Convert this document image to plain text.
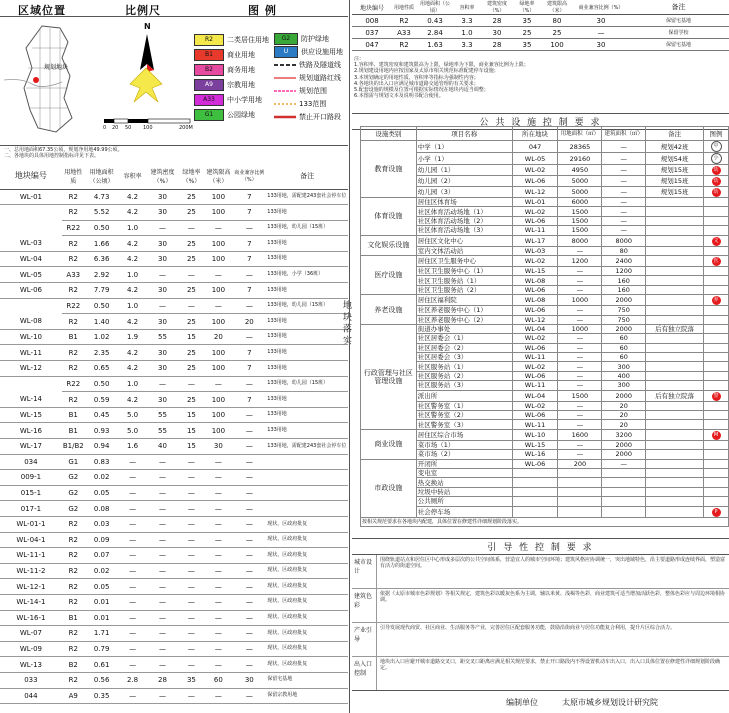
区域位置	比例尺	图 例
规划地块
N
0 20 50 100	200M
R2	二类居住用地
B1	商业用地
B2	商务用地
A9	宗教用地
A33	中小学用地
G1	公园绿地
G2	防护绿地
U	供应设施用地
铁路及隧道线
规划道路红线
规划范围
133范围
禁止开口路段
一、总用地面积67.35公顷，规划净用地49.99公顷。
二、各地块的具体用地控制指标详见下表。
地块编号	用地性质	用地面积（公顷）	容积率	建筑密度（%）	绿地率（%）	建筑限高（米）	商业兼容比例（%）	备注
WL-01	R2	4.73	4.2	30	25	100	7	133用地，需配建243套社会停车位
	R2	5.52	4.2	30	25	100	7	133用地
	R22	0.50	1.0	—	—	—	—	133用地，幼儿园（15班）
WL-03	R2	1.66	4.2	30	25	100	7	133用地
WL-04	R2	6.36	4.2	30	25	100	7	133用地
WL-05	A33	2.92	1.0	—	—	—	—	133用地，小学（36班）
WL-06	R2	7.79	4.2	30	25	100	7	133用地
	R22	0.50	1.0	—	—	—	—	133用地，幼儿园（15班）
WL-08	R2	1.40	4.2	30	25	100	20	133用地
WL-10	B1	1.02	1.9	55	15	20	—	133用地
WL-11	R2	2.35	4.2	30	25	100	7	133用地
WL-12	R2	0.65	4.2	30	25	100	7	133用地
	R22	0.50	1.0	—	—	—	—	133用地，幼儿园（15班）
WL-14	R2	0.59	4.2	30	25	100	7	133用地
WL-15	B1	0.45	5.0	55	15	100	—	133用地
WL-16	B1	0.93	5.0	55	15	100	—	133用地
WL-17	B1/B2	0.94	1.6	40	15	30	—	133用地，需配建243套社会停车位
034	G1	0.83	—	—	—	—	—	
009-1	G2	0.02	—	—	—	—	—	
015-1	G2	0.05	—	—	—	—	—	
017-1	G2	0.08	—	—	—	—	—	
WL-01-1	R2	0.03	—	—	—	—	—	现状，区政府批复
WL-04-1	R2	0.09	—	—	—	—	—	现状，区政府批复
WL-11-1	R2	0.07	—	—	—	—	—	现状，区政府批复
WL-11-2	R2	0.02	—	—	—	—	—	现状，区政府批复
WL-12-1	R2	0.05	—	—	—	—	—	现状，区政府批复
WL-14-1	R2	0.01	—	—	—	—	—	现状，区政府批复
WL-16-1	B1	0.01	—	—	—	—	—	现状，区政府批复
WL-07	R2	1.71	—	—	—	—	—	现状，区政府批复
WL-09	R2	0.79	—	—	—	—	—	现状，区政府批复
WL-13	B2	0.61	—	—	—	—	—	现状，区政府批复
033	R2	0.56	2.8	28	35	60	30	保留宅基地
044	A9	0.35	—	—	—	—	—	保留宗教用地
地块编号	用地性质	用地面积（公顷）	容积率	建筑密度（%）	绿地率（%）	建筑限高（米）	商业兼容比例（%）	备注
008	R2	0.43	3.3	28	35	80	30	保留宅基地
037	A33	2.84	1.0	30	25	25	—	保留学校
047	R2	1.63	3.3	28	35	100	30	保留宅基地
注：
1.容积率、建筑密度和建筑限高为上限，绿地率为下限，商业兼容比例为上限；
2.规划建设用地内应按国家及太原市相关规范标准配建停车设施；
3.本规划确定的用地性质、容积率等指标为强制性内容；
4.各地块的出入口应满足城市道路交通管理的有关要求；
5.配套设施的规模及位置可根据实际情况在地块内适当调整；
6.本图需与规划文本及说明书配合使用。
公 共 设 施 控 制 要 求
地 块 落 实
设施类别	项目名称	所在地块	用地面积（㎡）	建筑面积（㎡）	备注	图例
教育设施	中学（1）	047	28365	—	规划42班	中
	小学（1）	WL-05	29160	—	规划54班	小
	幼儿园（1）	WL-02	4950	—	规划15班	幼
	幼儿园（2）	WL-06	5000	—	规划15班	幼
	幼儿园（3）	WL-12	5000	—	规划15班	幼
体育设施	居住区体育场	WL-01	6000	—		
	社区体育活动场地（1）	WL-02	1500	—		
	社区体育活动场地（2）	WL-06	1500	—		
	社区体育活动场地（3）	WL-11	1500	—		
文化娱乐设施	居住区文化中心	WL-17	8000	8000		文
	室内文体活动站	WL-03	—	80		
医疗设施	居住区卫生服务中心	WL-02	1200	2400		医
	社区卫生服务中心（1）	WL-15	—	1200		
	社区卫生服务站（1）	WL-08	—	160		
	社区卫生服务站（2）	WL-06	—	160		
养老设施	居住区福利院	WL-08	1000	2000		养
	社区养老服务中心（1）	WL-06	—	750		
	社区养老服务中心（2）	WL-12	—	750		
行政管理与社区管理设施	街道办事处	WL-04	1000	2000	后有独立院落	
	社区居委会（1）	WL-02	—	60		
	社区居委会（2）	WL-06	—	60		
	社区居委会（3）	WL-11	—	60		
	社区服务站（1）	WL-02	—	300		
	社区服务站（2）	WL-06	—	400		
	社区服务站（3）	WL-11	—	300		
	派出所	WL-04	1500	2000	后有独立院落	警
	社区警务室（1）	WL-02	—	20		
	社区警务室（2）	WL-06	—	20		
	社区警务室（3）	WL-11	—	20		
商业设施	居住区综合市场	WL-10	1600	3200		M
	菜市场（1）	WL-15	—	2000		
	菜市场（2）	WL-16	—	2000		
市政设施	开闭所	WL-06	200	—		
	变电室					
	热交换站					
	垃圾中转站					
	公共厕所					
	社会停车场					P
按相关规范要求在各地块内配建，具体位置在修建性详细规划阶段落实。						
引 导 性 控 制 要 求
城市设计
围绕轨道站点和居住区中心形成多层次的公共空间体系，营造宜人的城市空间环境；建筑风格应协调统一，突出地域特色，沿主要道路形成连续界面，塑造富有活力的街道空间。
建筑色彩
依据《太原市城市色彩规划》等相关规定，建筑色彩以暖灰色系为主调，辅以米黄、浅褐等色彩，商业建筑可适当增加活跃色彩，整体色彩应与周边环境相协调。
产业引导
引导发展现代商贸、社区商业、生活服务等产业，完善居住区配套服务功能，鼓励沿街商业与居住功能复合利用，提升片区综合活力。
出入口控制
地块出入口应避开城市道路交叉口，距交叉口距离应满足相关规范要求，禁止开口路段内不得设置机动车出入口，出入口具体位置在修建性详细规划阶段确定。
编制单位	太原市城乡规划设计研究院
